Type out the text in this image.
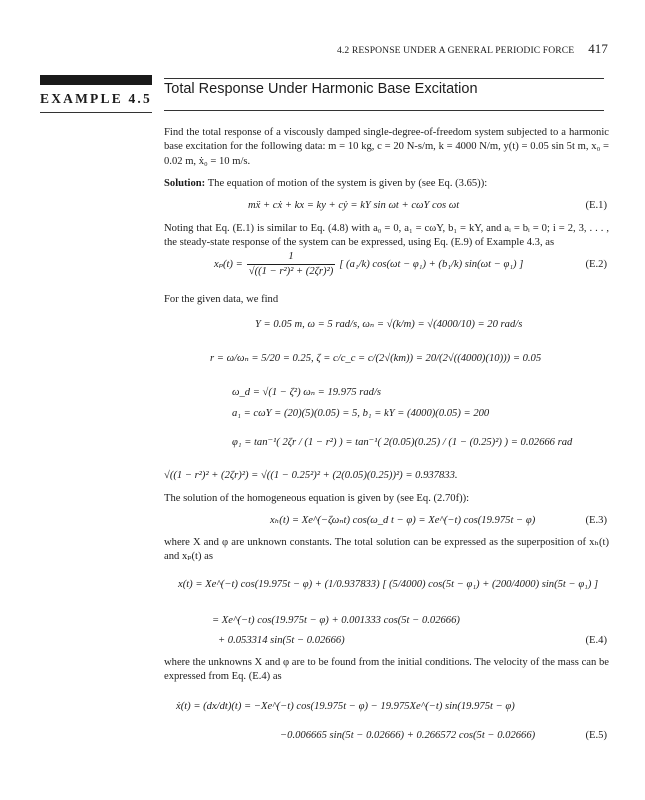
4.2 RESPONSE UNDER A GENERAL PERIODIC FORCE 417
EXAMPLE 4.5
Total Response Under Harmonic Base Excitation
Find the total response of a viscously damped single-degree-of-freedom system subjected to a harmonic base excitation for the following data: m = 10 kg, c = 20 N-s/m, k = 4000 N/m, y(t) = 0.05 sin 5t m, x₀ = 0.02 m, ẋ₀ = 10 m/s.
Solution: The equation of motion of the system is given by (see Eq. (3.65)):
mẍ + cẋ + kx = ky + cẏ = kY sin ωt + cωY cos ωt	(E.1)
Noting that Eq. (E.1) is similar to Eq. (4.8) with a₀ = 0, a₁ = cωY, b₁ = kY, and aᵢ = bᵢ = 0; i = 2, 3, . . . , the steady-state response of the system can be expressed, using Eq. (E.9) of Example 4.3, as
$x_p(t) = \frac{1}{\text{√((1 − r²)² + (2ζr)²)}}$ [ (a₁/k) cos(ωt − φ₁) + (b₁/k) sin(ωt − φ₁) ]	(E.2)
For the given data, we find
Y = 0.05 m, ω = 5 rad/s, ωₙ = √(k/m) = √(4000/10) = 20 rad/s
r = ω/ωₙ = 5/20 = 0.25, ζ = c/c_c = c/(2√(km)) = 20/(2√((4000)(10))) = 0.05
ω_d = √(1 − ζ²) ωₙ = 19.975 rad/s
a₁ = cωY = (20)(5)(0.05) = 5, b₁ = kY = (4000)(0.05) = 200
φ₁ = tan⁻¹( 2ζr / (1 − r²) ) = tan⁻¹( 2(0.05)(0.25) / (1 − (0.25)²) ) = 0.02666 rad
√((1 − r²)² + (2ζr)²) = √((1 − 0.25²)² + (2(0.05)(0.25))²) = 0.937833.
The solution of the homogeneous equation is given by (see Eq. (2.70f)):
xₕ(t) = Xe^(−ζωₙt) cos(ω_d t − φ) = Xe^(−t) cos(19.975t − φ)	(E.3)
where X and φ are unknown constants. The total solution can be expressed as the superposition of xₕ(t) and xₚ(t) as
x(t) = Xe^(−t) cos(19.975t − φ) + (1/0.937833) [ (5/4000) cos(5t − φ₁) + (200/4000) sin(5t − φ₁) ]
= Xe^(−t) cos(19.975t − φ) + 0.001333 cos(5t − 0.02666)
+ 0.053314 sin(5t − 0.02666)	(E.4)
where the unknowns X and φ are to be found from the initial conditions. The velocity of the mass can be expressed from Eq. (E.4) as
ẋ(t) = (dx/dt)(t) = −Xe^(−t) cos(19.975t − φ) − 19.975Xe^(−t) sin(19.975t − φ)
−0.006665 sin(5t − 0.02666) + 0.266572 cos(5t − 0.02666)	(E.5)
